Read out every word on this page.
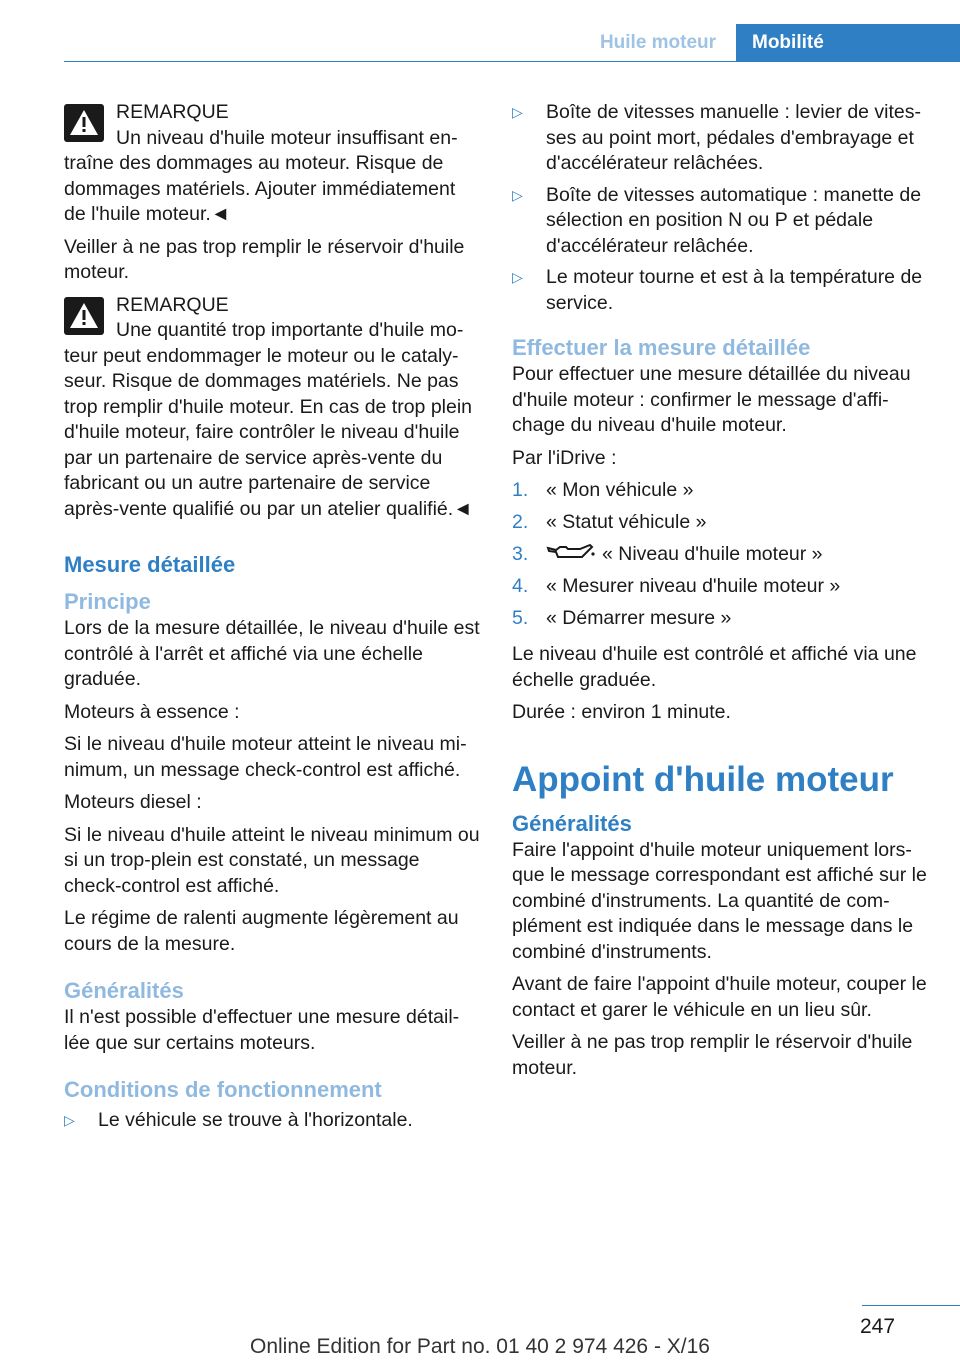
Huile moteur	Mobilité
REMARQUE
Un niveau d'huile moteur insuffisant en-traîne des dommages au moteur. Risque de dommages matériels. Ajouter immédiatement de l'huile moteur.◄

Veiller à ne pas trop remplir le réservoir d'huile moteur.

REMARQUE
Une quantité trop importante d'huile mo-teur peut endommager le moteur ou le cataly-seur. Risque de dommages matériels. Ne pas trop remplir d'huile moteur. En cas de trop plein d'huile moteur, faire contrôler le niveau d'huile par un partenaire de service après-vente du fabricant ou un autre partenaire de service après-vente qualifié ou par un atelier qualifié.◄
Mesure détaillée
Principe

Lors de la mesure détaillée, le niveau d'huile est contrôlé à l'arrêt et affiché via une échelle graduée.

Moteurs à essence :

Si le niveau d'huile moteur atteint le niveau mi-nimum, un message check-control est affiché.

Moteurs diesel :

Si le niveau d'huile atteint le niveau minimum ou si un trop-plein est constaté, un message check-control est affiché.

Le régime de ralenti augmente légèrement au cours de la mesure.

Généralités

Il n'est possible d'effectuer une mesure détail-lée que sur certains moteurs.

Conditions de fonctionnement
▷ Le véhicule se trouve à l'horizontale.
▷ Boîte de vitesses manuelle : levier de vites-ses au point mort, pédales d'embrayage et d'accélérateur relâchées.
▷ Boîte de vitesses automatique : manette de sélection en position N ou P et pédale d'accélérateur relâchée.
▷ Le moteur tourne et est à la température de service.
Effectuer la mesure détaillée

Pour effectuer une mesure détaillée du niveau d'huile moteur : confirmer le message d'affi-chage du niveau d'huile moteur.

Par l'iDrive :

1. « Mon véhicule »
2. « Statut véhicule »
3.	« Niveau d'huile moteur »
4. « Mesurer niveau d'huile moteur »
5. « Démarrer mesure »

Le niveau d'huile est contrôlé et affiché via une échelle graduée.

Durée : environ 1 minute.

Appoint d'huile moteur
Généralités

Faire l'appoint d'huile moteur uniquement lors-que le message correspondant est affiché sur le combiné d'instruments. La quantité de com-plément est indiquée dans le message dans le combiné d'instruments.

Avant de faire l'appoint d'huile moteur, couper le contact et garer le véhicule en un lieu sûr.

Veiller à ne pas trop remplir le réservoir d'huile moteur.

247
Online Edition for Part no. 01 40 2 974 426 - X/16
